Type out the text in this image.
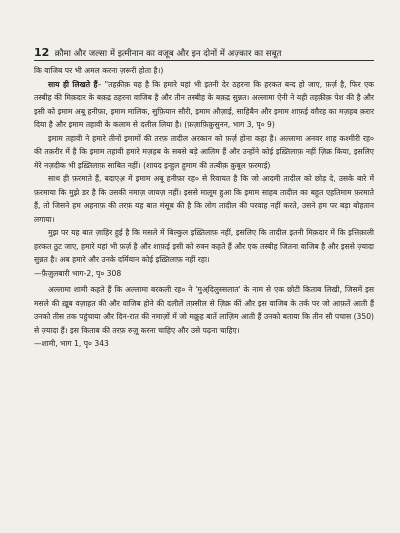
12 क़ौमा और जल्सा में इत्मीनान का वजूब और इन दोनों में अज़्कार का सबूत

कि वाजिब पर भी अमल करना ज़रूरी होता है।)

साय ही लिखते हैं– "तहक़ीक़ यह है कि हमारे यहां भी इतनी देर ठहरना कि हरकत बन्द हो जाए, फ़र्ज़ है, फिर एक तस्बीह की मिक़दार के बक़द्र ठहरना वाजिब है और तीन तस्बीह के बक़द्र सुन्नत। अल्लामा ऐनी ने यही तहक़ीक़ पेश की है और इसी को इमाम अबू हनीफ़ा, इमाम मालिक, सुफ़ियान सौरी, इमाम औज़ाई, साहिबैन और इमाम शाफ़ई वग़ैरह का मज़हब क़रार दिया है और इमाम तहावी के कलाम से दलील लिया है। (फ़ज़ाफ़िक़ुसुनन, भाग 3, पृ० 9)

इमाम तहावी ने हमारे तीनों इमामों की तरफ़ तादील अरकान को फ़र्ज़ होना कहा है। अल्लामा अनवर शाह कश्मीरी रह० की तक़रीर में है कि इमाम तहावी हमारे मज़हब के सबसे बड़े आलिम हैं और उन्होंने कोई इख़्तिलाफ़ नहीं ज़िक्र किया, इसलिए मेरे नज़दीक भी इख़्तिलाफ़ साबित नहीं। (शायद इन्हुल हुमाम की तत्बीक़ क़ुबूल फ़रमाई)

साथ ही फ़रमाते हैं, बदाएअ़ में इमाम अबू हनीफ़ा रह० से रिवायत है कि जो आदमी तादील को छोड़ दे, उसके बारे में फ़रमाया कि मुझे डर है कि उसकी नमाज़ जायज़ नहीं। इससे मालूम हुआ कि इमाम साहब तादील का बहुत एहतिमाम फ़रमाते हैं, तो जिसने हम अहनाफ़ की तरफ़ यह बात मंसूब की है कि लोग तादील की परवाह नहीं करते, उसने हम पर बड़ा बोहतान लगाया।

मुझ पर यह बात ज़ाहिर हुई है कि मसले में बिल्कुल इख़्तिलाफ़ नहीं, इसलिए कि तादील इतनी मिक़दार में कि इत्तिक़ाली हरकत ठुट जाए, हमारे यहां भी फ़र्ज़ है और शाफ़ई इसी को रुक्न कहते हैं और एक तस्बीह जितना वाजिब है और इससे ज़्यादा सुन्नत है। अब हमारे और उनके दर्मियान कोई इख़्तिलाफ़ नहीं रहा।

—फ़ैज़ुलबारी भाग-2, पृ० 308

अल्लामा शामी कहते हैं कि अल्लामा बरकली रह० ने 'मुअ्दिलुस्सलात' के नाम से एक छोटी किताब लिखी, जिसमें इस मसले की ख़ूब वज़ाहत की और वाजिब होने की दलीलें तफ़्सील से ज़िक्र कीं और इस वाजिब के तर्क पर जो आफ़तें आती हैं उनको तीस तक पहुंचाया और दिन-रात की नमाज़ों में जो मक्रूह बातें लाज़िम आती हैं उनको बताया कि तीन सौ पचास (350) से ज़्यादा हैं। इस किताब की तरफ़ रुजू़ करना चाहिए और उसे पढ़ना चाहिए।

—शामी, भाग 1, पृ० 343
